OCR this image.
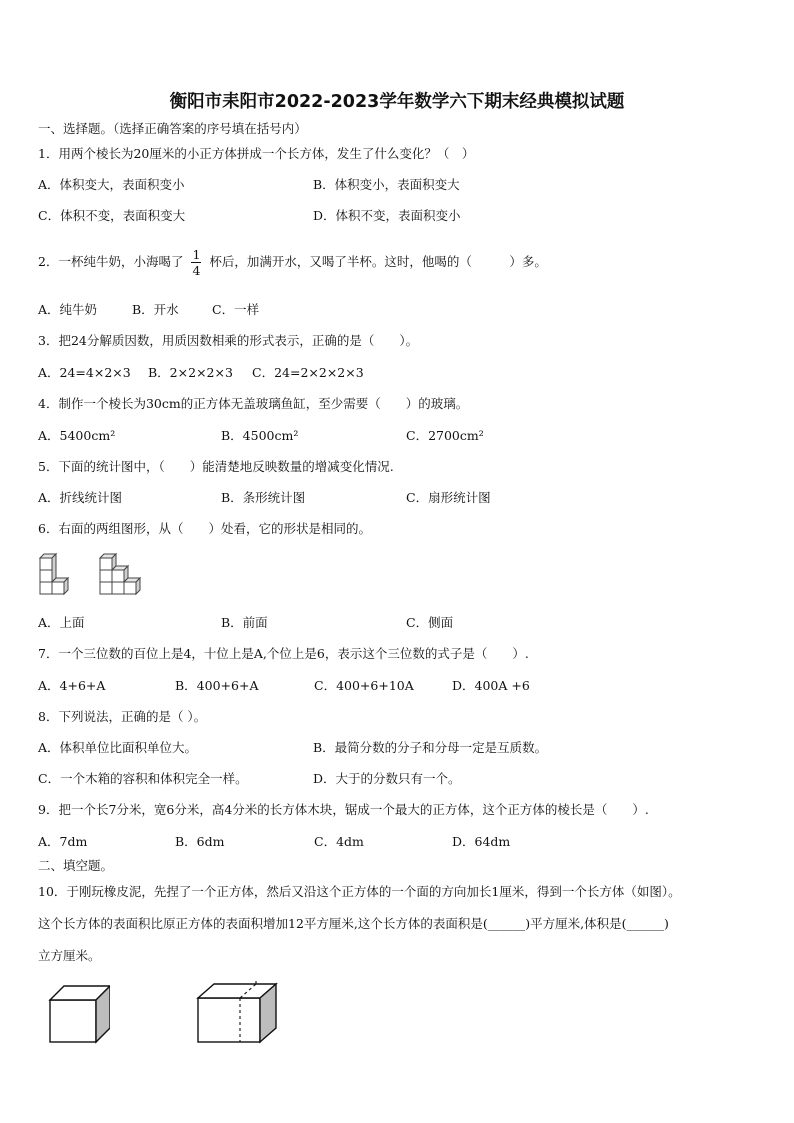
衡阳市耒阳市2022-2023学年数学六下期末经典模拟试题
一、选择题。（选择正确答案的序号填在括号内）
1．用两个棱长为20厘米的小正方体拼成一个长方体，发生了什么变化？（　）
A．体积变大，表面积变小	B．体积变小，表面积变大
C．体积不变，表面积变大	D．体积不变，表面积变小
2．一杯纯牛奶，小海喝了 $\frac{1}{4}$ 杯后，加满开水，又喝了半杯。这时，他喝的（　　　）多。
A．纯牛奶	B．开水	C．一样
3．把24分解质因数，用质因数相乘的形式表示，正确的是（　　）。
A．24=4×2×3 B．2×2×2×3 C．24=2×2×2×3
4．制作一个棱长为30cm的正方体无盖玻璃鱼缸，至少需要（　　）的玻璃。
A．5400cm²	B．4500cm²	C．2700cm²
5．下面的统计图中，（　　）能清楚地反映数量的增减变化情况.
A．折线统计图	B．条形统计图	C．扇形统计图
6．右面的两组图形，从（　　）处看，它的形状是相同的。
A．上面	B．前面	C．侧面
7．一个三位数的百位上是4，十位上是A,个位上是6，表示这个三位数的式子是（　　）.
A．4+6+A	B．400+6+A	C．400+6+10A	D．400A +6
8．下列说法，正确的是（ ）。
A．体积单位比面积单位大。	B．最简分数的分子和分母一定是互质数。
C．一个木箱的容积和体积完全一样。	D．大于的分数只有一个。
9．把一个长7分米，宽6分米，高4分米的长方体木块，锯成一个最大的正方体，这个正方体的棱长是（　　）.
A．7dm	B．6dm	C．4dm	D．64dm
二、填空题。
10．于刚玩橡皮泥，先捏了一个正方体，然后又沿这个正方体的一个面的方向加长1厘米，得到一个长方体（如图）。
这个长方体的表面积比原正方体的表面积增加12平方厘米,这个长方体的表面积是(______)平方厘米,体积是(______)
立方厘米。
